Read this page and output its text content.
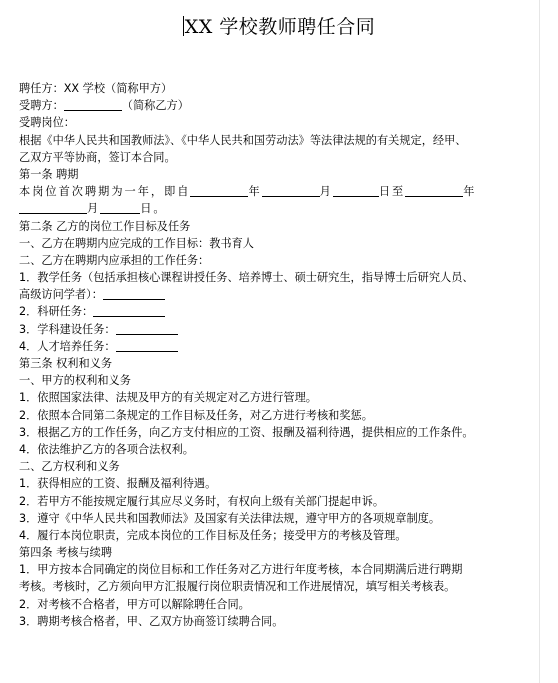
XX 学校教师聘任合同
聘任方：XX 学校（简称甲方）
受聘方：	（简称乙方）
受聘岗位：
根据《中华人民共和国教师法》、《中华人民共和国劳动法》等法律法规的有关规定，经甲、
乙双方平等协商，签订本合同。
第一条 聘期
本岗位首次聘期为一年，即自	年	月	日至	年
月	日。
第二条 乙方的岗位工作目标及任务
一、乙方在聘期内应完成的工作目标：教书育人
二、乙方在聘期内应承担的工作任务：
1．教学任务（包括承担核心课程讲授任务、培养博士、硕士研究生，指导博士后研究人员、
高级访问学者）：
2．科研任务：
3．学科建设任务：
4．人才培养任务：
第三条 权利和义务
一、甲方的权利和义务
1．依照国家法律、法规及甲方的有关规定对乙方进行管理。
2．依照本合同第二条规定的工作目标及任务，对乙方进行考核和奖惩。
3．根据乙方的工作任务，向乙方支付相应的工资、报酬及福利待遇，提供相应的工作条件。
4．依法维护乙方的各项合法权利。
二、乙方权利和义务
1．获得相应的工资、报酬及福利待遇。
2．若甲方不能按规定履行其应尽义务时，有权向上级有关部门提起申诉。
3．遵守《中华人民共和国教师法》及国家有关法律法规，遵守甲方的各项规章制度。
4．履行本岗位职责，完成本岗位的工作目标及任务；接受甲方的考核及管理。
第四条 考核与续聘
1．甲方按本合同确定的岗位目标和工作任务对乙方进行年度考核，本合同期满后进行聘期
考核。考核时，乙方须向甲方汇报履行岗位职责情况和工作进展情况，填写相关考核表。
2．对考核不合格者，甲方可以解除聘任合同。
3．聘期考核合格者，甲、乙双方协商签订续聘合同。
